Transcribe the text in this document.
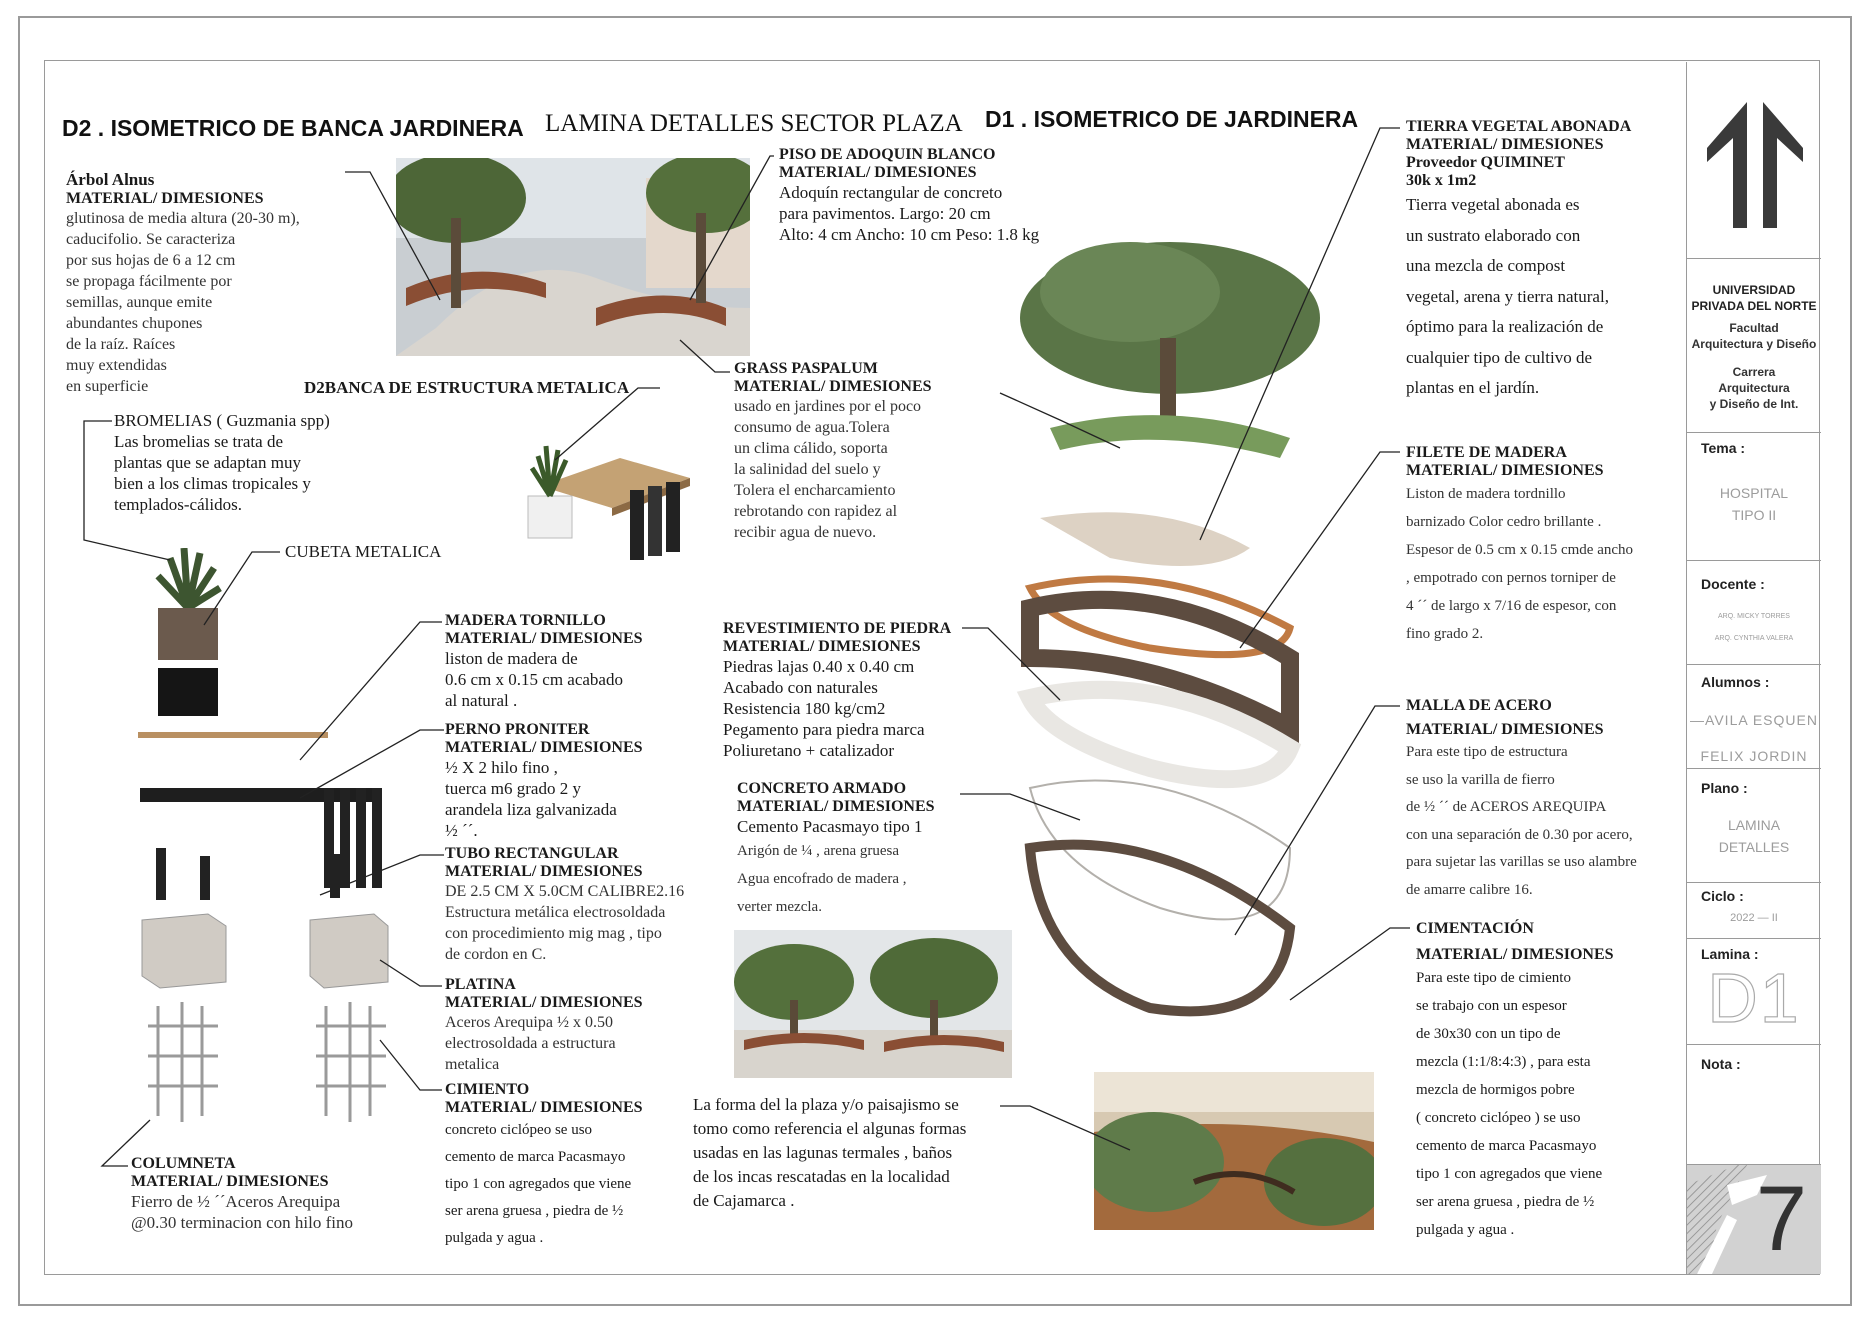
LAMINA DETALLES SECTOR PLAZA
D2 . ISOMETRICO DE BANCA JARDINERA	D1 . ISOMETRICO DE JARDINERA
D2BANCA DE ESTRUCTURA METALICA
Árbol Alnus
MATERIAL/ DIMESIONES
glutinosa de media altura (20-30 m),
caducifolio. Se caracteriza
por sus hojas de 6 a 12 cm
se propaga fácilmente por
semillas, aunque emite
abundantes chupones
de la raíz. Raíces
muy extendidas
en superficie
BROMELIAS ( Guzmania spp)
Las bromelias se trata de
plantas que se adaptan muy
bien a los climas tropicales y
templados-cálidos.
CUBETA METALICA
COLUMNETA
MATERIAL/ DIMESIONES
Fierro de ½ ´´Aceros Arequipa
@0.30 terminacion con hilo fino
MADERA TORNILLO
MATERIAL/ DIMESIONES
liston de madera de
0.6 cm x 0.15 cm acabado
al natural .
PERNO PRONITER
MATERIAL/ DIMESIONES
½ X 2 hilo fino ,
tuerca m6 grado 2 y
arandela liza galvanizada
½ ´´.
TUBO RECTANGULAR
MATERIAL/ DIMESIONES
DE 2.5 CM X 5.0CM CALIBRE2.16
Estructura metálica electrosoldada
con procedimiento mig mag , tipo
de cordon en C.
PLATINA
MATERIAL/ DIMESIONES
Aceros Arequipa ½ x 0.50
electrosoldada a estructura
metalica
CIMIENTO
MATERIAL/ DIMESIONES
concreto ciclópeo se uso
cemento de marca Pacasmayo
tipo 1 con agregados que viene
ser arena gruesa , piedra de ½
pulgada y agua .
PISO DE ADOQUIN BLANCO
MATERIAL/ DIMESIONES
Adoquín rectangular de concreto
para pavimentos. Largo: 20 cm
Alto: 4 cm Ancho: 10 cm Peso: 1.8 kg
GRASS PASPALUM
MATERIAL/ DIMESIONES
usado en jardines por el poco
consumo de agua.Tolera
un clima cálido, soporta
la salinidad del suelo y
Tolera el encharcamiento
rebrotando con rapidez al
recibir agua de nuevo.
REVESTIMIENTO DE PIEDRA
MATERIAL/ DIMESIONES
Piedras lajas 0.40 x 0.40 cm
Acabado con naturales
Resistencia 180 kg/cm2
Pegamento para piedra marca
Poliuretano + catalizador
CONCRETO ARMADO
MATERIAL/ DIMESIONES
Cemento Pacasmayo tipo 1
Arigón de ¼ , arena gruesa
Agua encofrado de madera ,
verter mezcla.
La forma del la plaza y/o paisajismo se
tomo como referencia el algunas formas
usadas en las lagunas termales , baños
de los incas rescatadas en la localidad
de Cajamarca .
TIERRA VEGETAL ABONADA
MATERIAL/ DIMESIONES
Proveedor QUIMINET
30k x 1m2
Tierra vegetal abonada es
un sustrato elaborado con
una mezcla de compost
vegetal, arena y tierra natural,
óptimo para la realización de
cualquier tipo de cultivo de
plantas en el jardín.
FILETE DE MADERA
MATERIAL/ DIMESIONES
Liston de madera tordnillo
barnizado Color cedro brillante .
Espesor de 0.5 cm x 0.15 cmde ancho
, empotrado con pernos torniper de
4 ´´ de largo x 7/16 de espesor, con
fino grado 2.
MALLA DE ACERO
MATERIAL/ DIMESIONES
Para este tipo de estructura
se uso la varilla de fierro
de ½ ´´ de ACEROS AREQUIPA
con una separación de 0.30 por acero,
para sujetar las varillas se uso alambre
de amarre calibre 16.
CIMENTACIÓN
MATERIAL/ DIMESIONES
Para este tipo de cimiento
se trabajo con un espesor
de 30x30 con un tipo de
mezcla (1:1/8:4:3) , para esta
mezcla de hormigos pobre
( concreto ciclópeo ) se uso
cemento de marca Pacasmayo
tipo 1 con agregados que viene
ser arena gruesa , piedra de ½
pulgada y agua .
UNIVERSIDAD
PRIVADA DEL NORTE
Facultad
Arquitectura y Diseño
Carrera
Arquitectura
y Diseño de Int.
Tema :
HOSPITAL
TIPO II
Docente :
ARQ. MICKY TORRES
ARQ. CYNTHIA VALERA
Alumnos :
—AVILA ESQUEN
FELIX JORDIN
Plano :
LAMINA
DETALLES
Ciclo :
2022 — II
Lamina :
D1
Nota :
7
